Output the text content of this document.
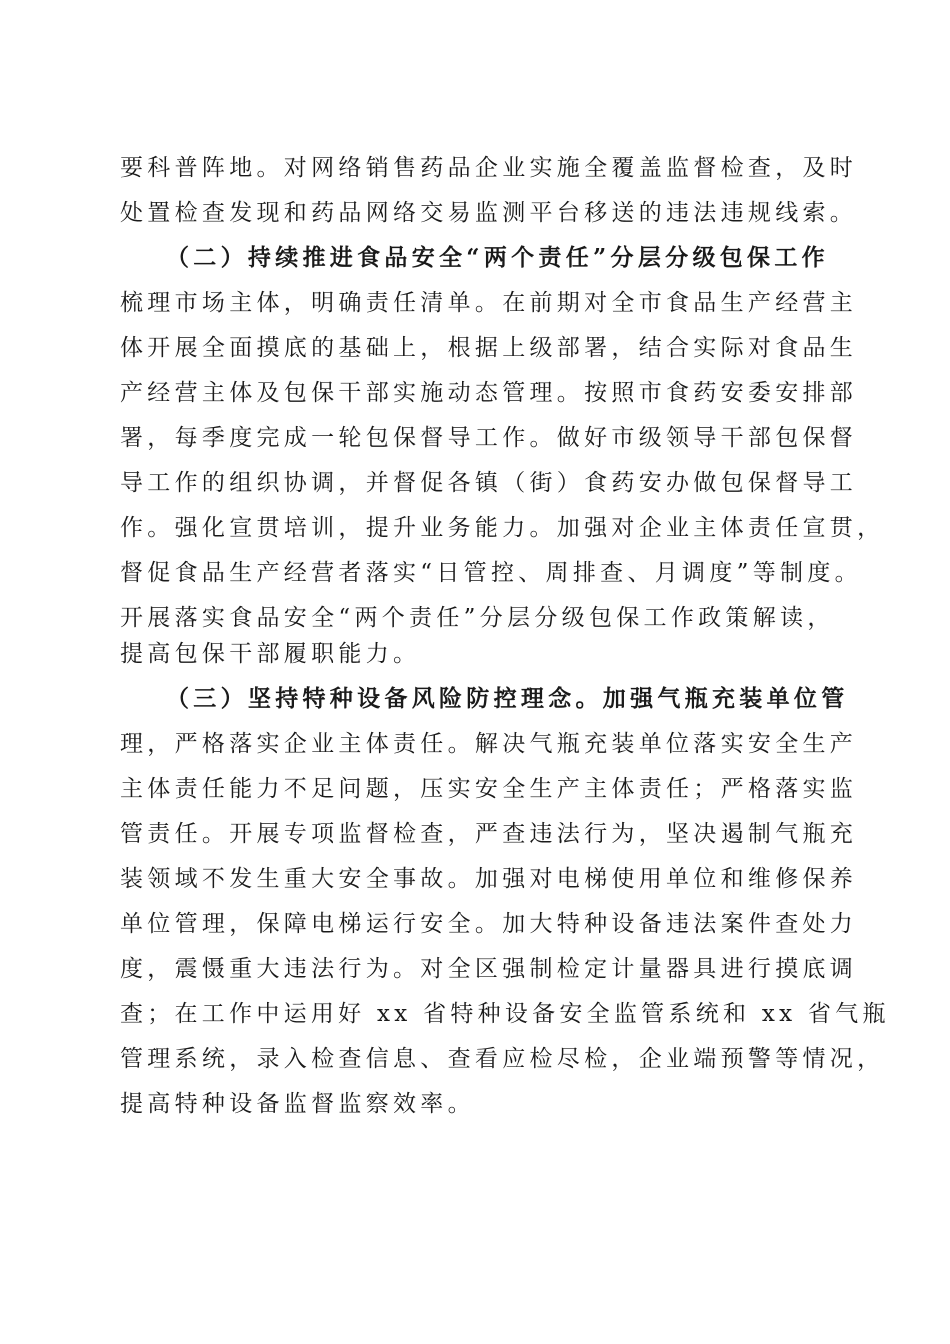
要科普阵地。对网络销售药品企业实施全覆盖监督检查，及时
处置检查发现和药品网络交易监测平台移送的违法违规线索。
（二）持续推进食品安全“两个责任”分层分级包保工作
梳理市场主体，明确责任清单。在前期对全市食品生产经营主
体开展全面摸底的基础上，根据上级部署，结合实际对食品生
产经营主体及包保干部实施动态管理。按照市食药安委安排部
署，每季度完成一轮包保督导工作。做好市级领导干部包保督
导工作的组织协调，并督促各镇（街）食药安办做包保督导工
作。强化宣贯培训，提升业务能力。加强对企业主体责任宣贯，
督促食品生产经营者落实“日管控、周排查、月调度”等制度。
开展落实食品安全“两个责任”分层分级包保工作政策解读，
提高包保干部履职能力。
（三）坚持特种设备风险防控理念。加强气瓶充装单位管
理，严格落实企业主体责任。解决气瓶充装单位落实安全生产
主体责任能力不足问题，压实安全生产主体责任；严格落实监
管责任。开展专项监督检查，严查违法行为，坚决遏制气瓶充
装领域不发生重大安全事故。加强对电梯使用单位和维修保养
单位管理，保障电梯运行安全。加大特种设备违法案件查处力
度，震慑重大违法行为。对全区强制检定计量器具进行摸底调
查；在工作中运用好 xx 省特种设备安全监管系统和 xx 省气瓶
管理系统，录入检查信息、查看应检尽检，企业端预警等情况，
提高特种设备监督监察效率。
